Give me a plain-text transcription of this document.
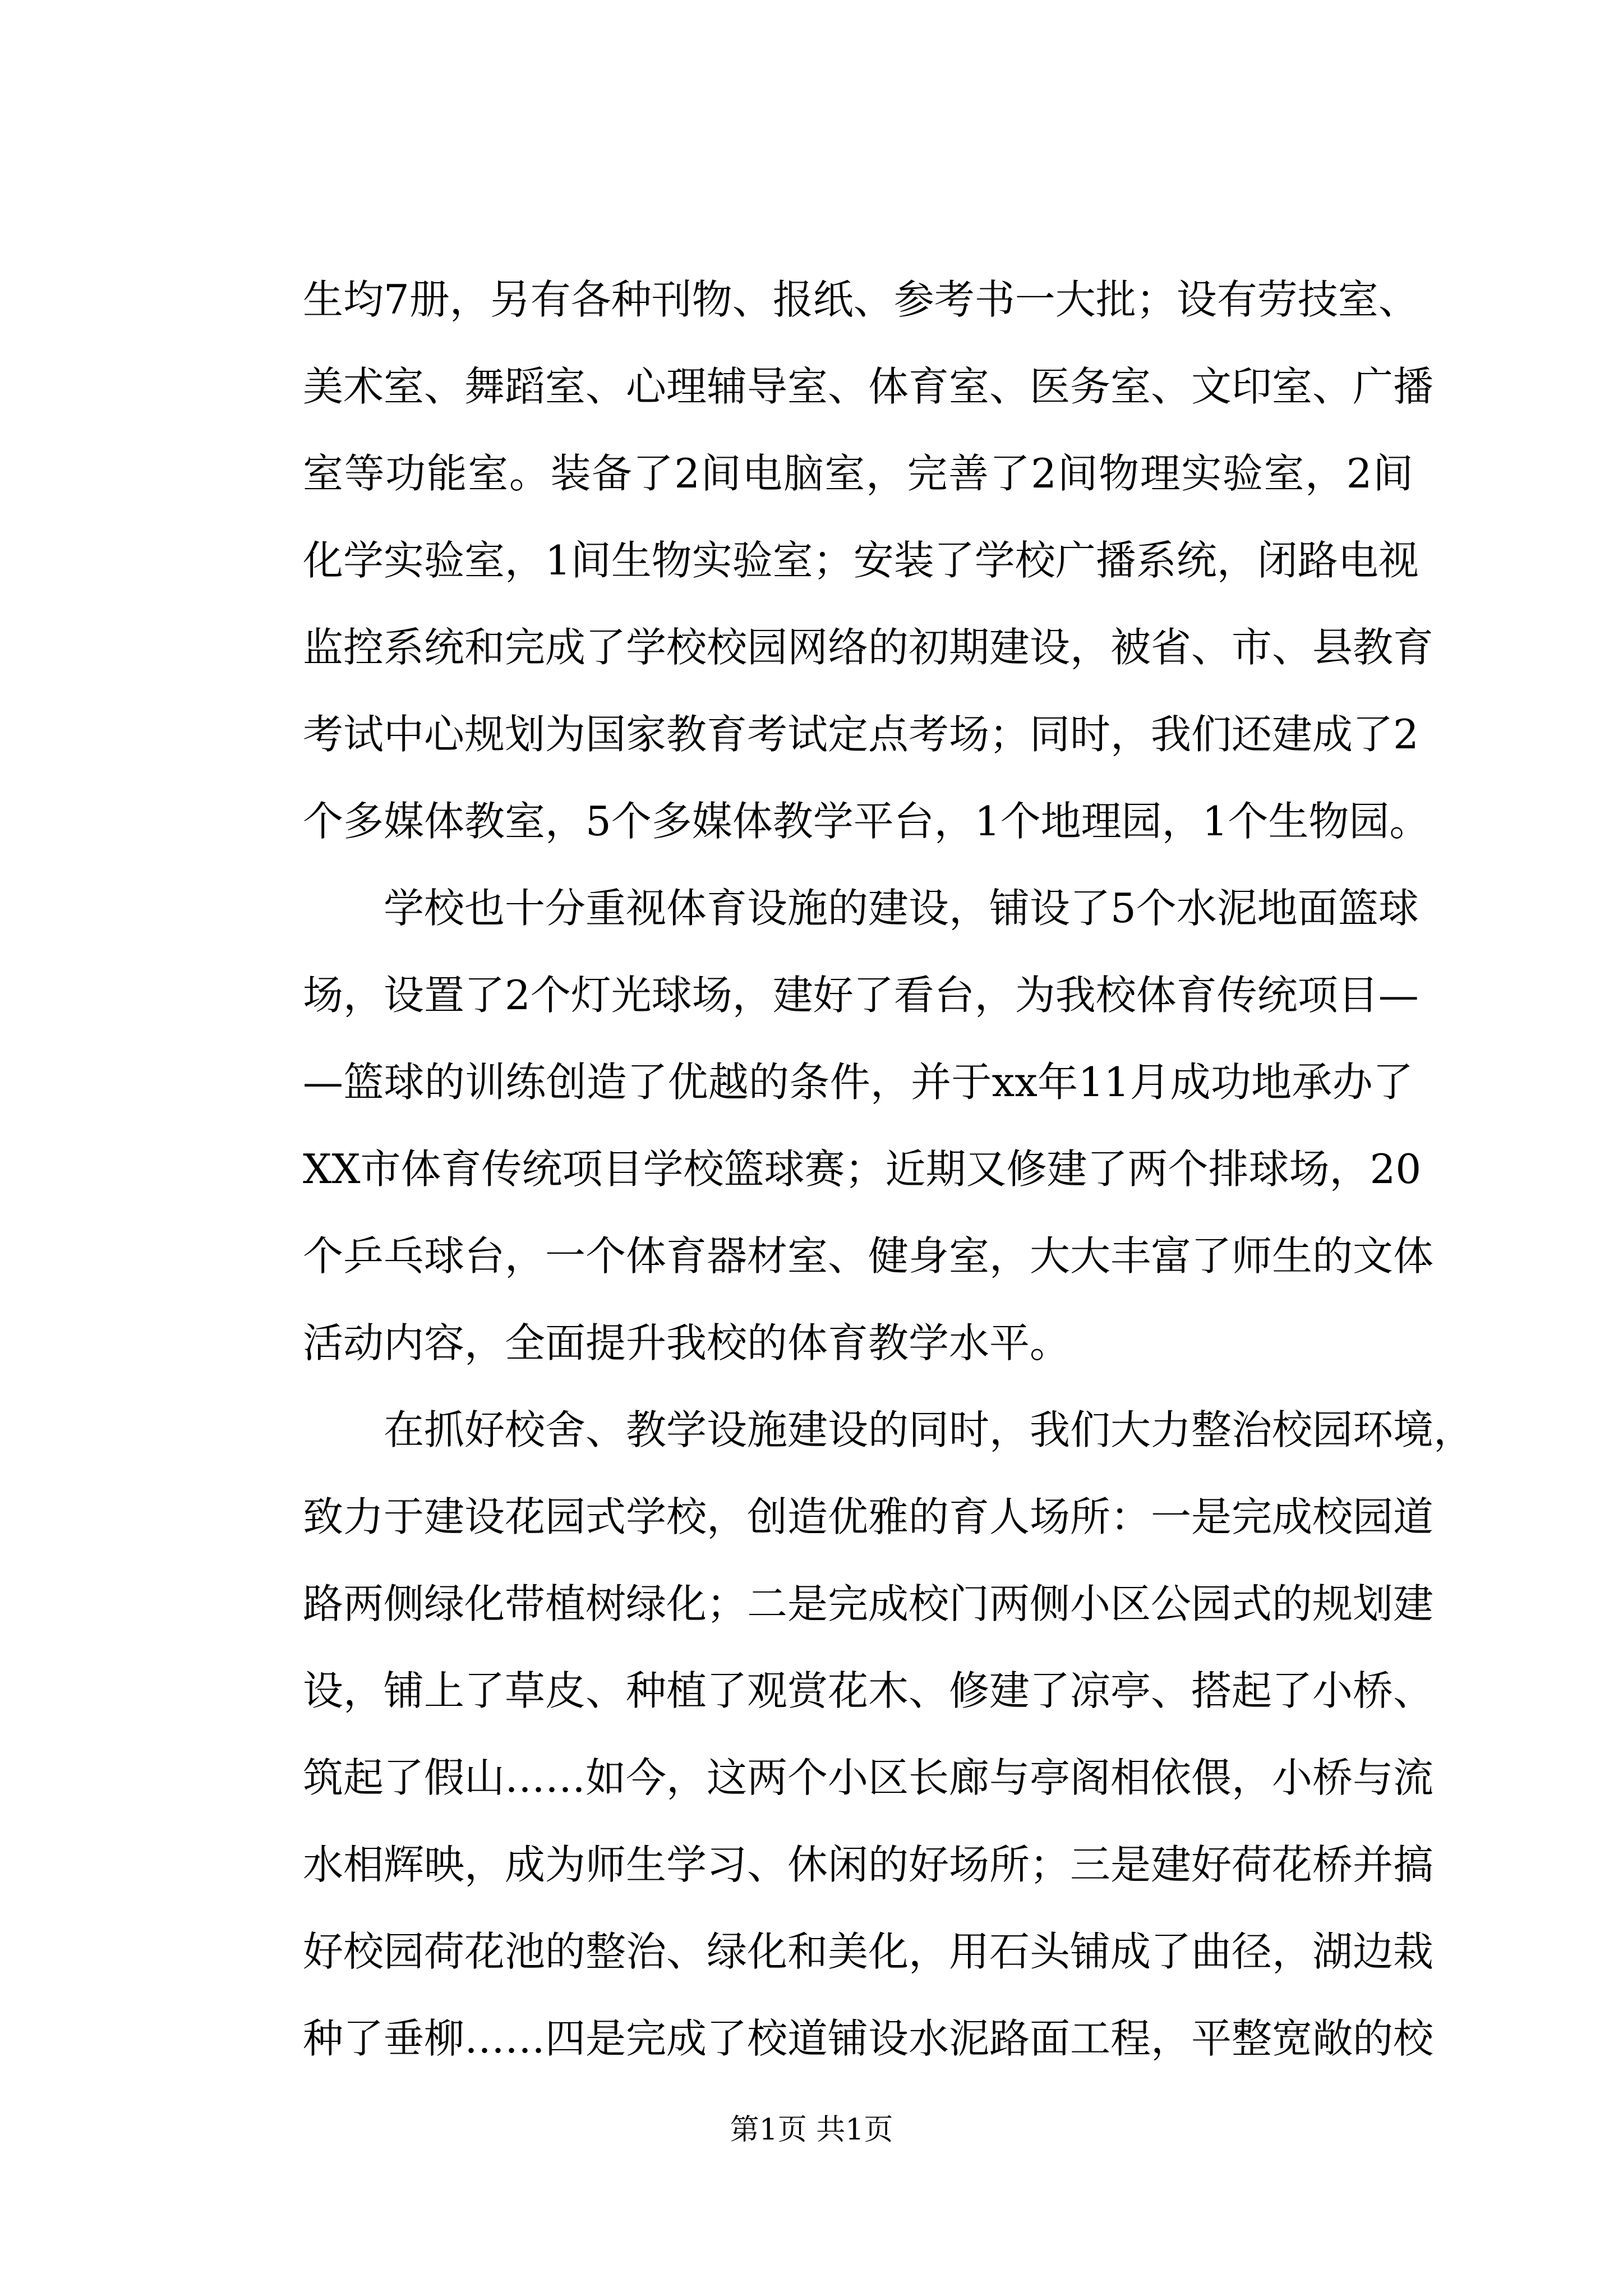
生均7册，另有各种刊物、报纸、参考书一大批；设有劳技室、
美术室、舞蹈室、心理辅导室、体育室、医务室、文印室、广播
室等功能室。装备了2间电脑室，完善了2间物理实验室，2间
化学实验室，1间生物实验室；安装了学校广播系统，闭路电视
监控系统和完成了学校校园网络的初期建设，被省、市、县教育
考试中心规划为国家教育考试定点考场；同时，我们还建成了2
个多媒体教室，5个多媒体教学平台，1个地理园，1个生物园。
学校也十分重视体育设施的建设，铺设了5个水泥地面篮球
场，设置了2个灯光球场，建好了看台，为我校体育传统项目—
—篮球的训练创造了优越的条件，并于xx年11月成功地承办了
XX市体育传统项目学校篮球赛；近期又修建了两个排球场，20
个乒乓球台，一个体育器材室、健身室，大大丰富了师生的文体
活动内容，全面提升我校的体育教学水平。
在抓好校舍、教学设施建设的同时，我们大力整治校园环境，
致力于建设花园式学校，创造优雅的育人场所：一是完成校园道
路两侧绿化带植树绿化；二是完成校门两侧小区公园式的规划建
设，铺上了草皮、种植了观赏花木、修建了凉亭、搭起了小桥、
筑起了假山……如今，这两个小区长廊与亭阁相依偎，小桥与流
水相辉映，成为师生学习、休闲的好场所；三是建好荷花桥并搞
好校园荷花池的整治、绿化和美化，用石头铺成了曲径，湖边栽
种了垂柳……四是完成了校道铺设水泥路面工程，平整宽敞的校
第1页 共1页
